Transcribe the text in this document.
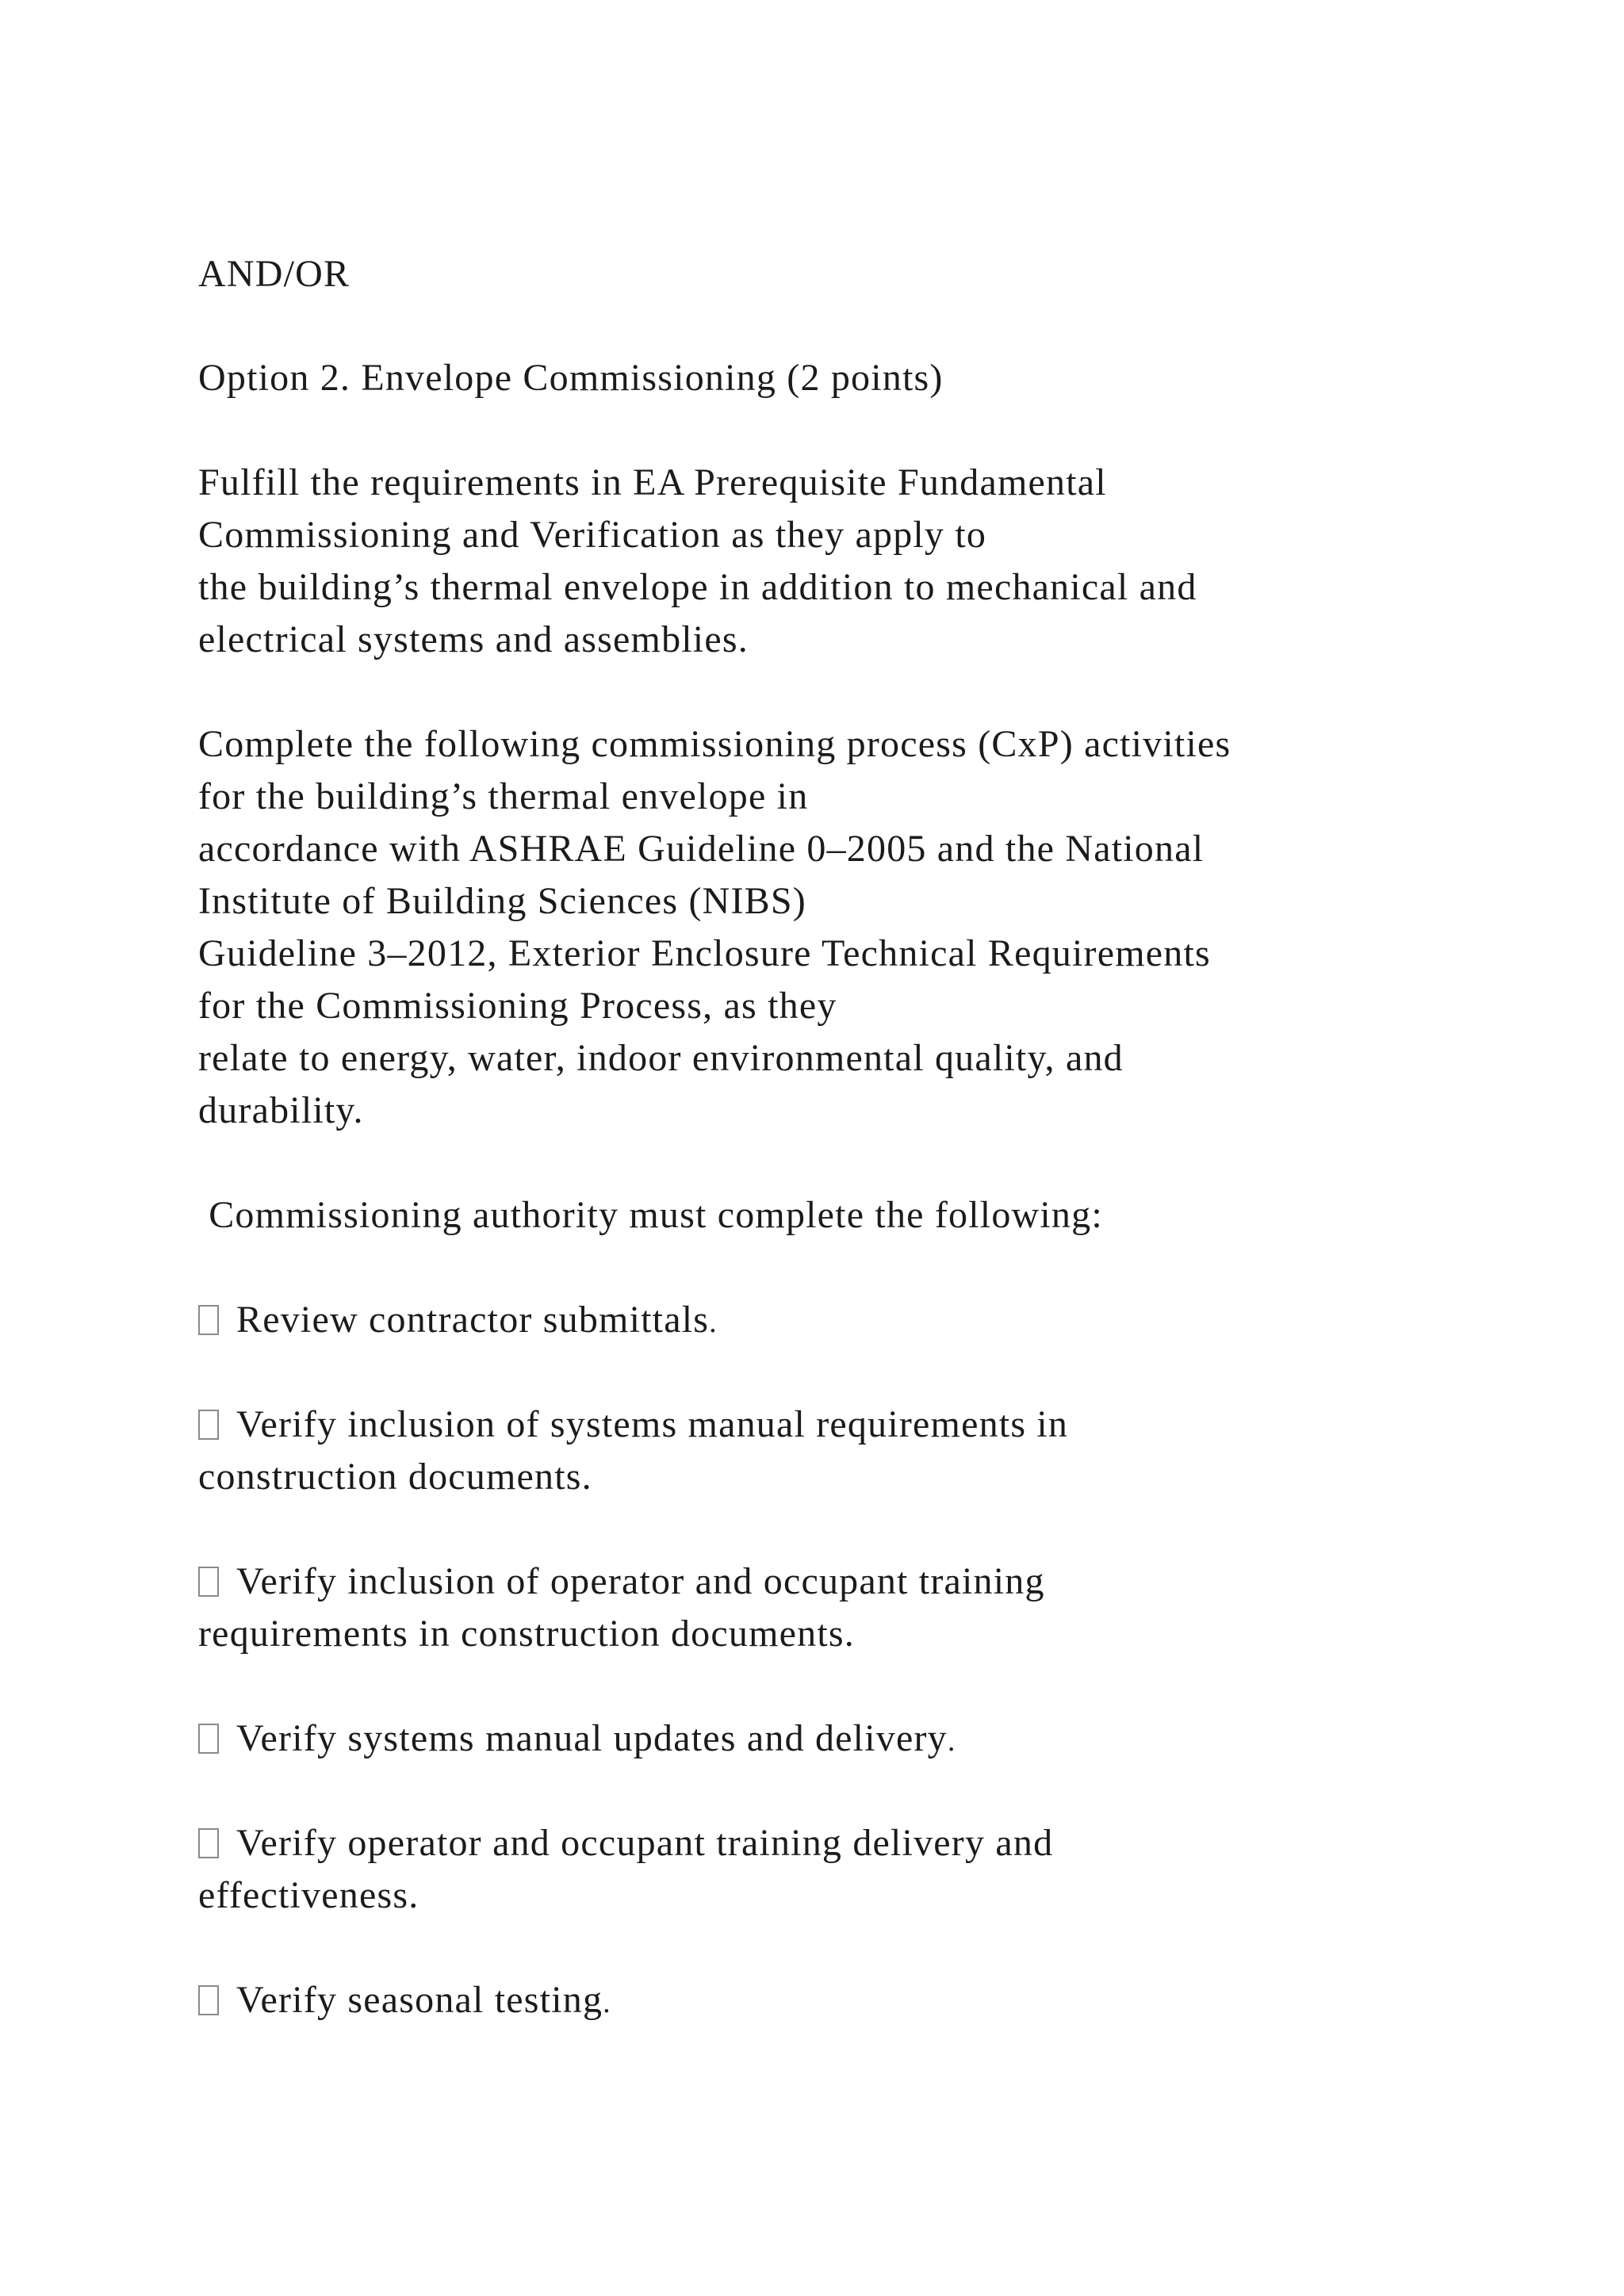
AND/OR

Option 2. Envelope Commissioning (2 points)

Fulfill the requirements in EA Prerequisite Fundamental

Commissioning and Verification as they apply to

the building’s thermal envelope in addition to mechanical and

electrical systems and assemblies.

Complete the following commissioning process (CxP) activities

for the building’s thermal envelope in

accordance with ASHRAE Guideline 0–2005 and the National

Institute of Building Sciences (NIBS)

Guideline 3–2012, Exterior Enclosure Technical Requirements

for the Commissioning Process, as they

relate to energy, water, indoor environmental quality, and

durability.

Commissioning authority must complete the following:

Review contractor submittals.

Verify inclusion of systems manual requirements in

construction documents.

Verify inclusion of operator and occupant training

requirements in construction documents.

Verify systems manual updates and delivery.

Verify operator and occupant training delivery and

effectiveness.

Verify seasonal testing.
